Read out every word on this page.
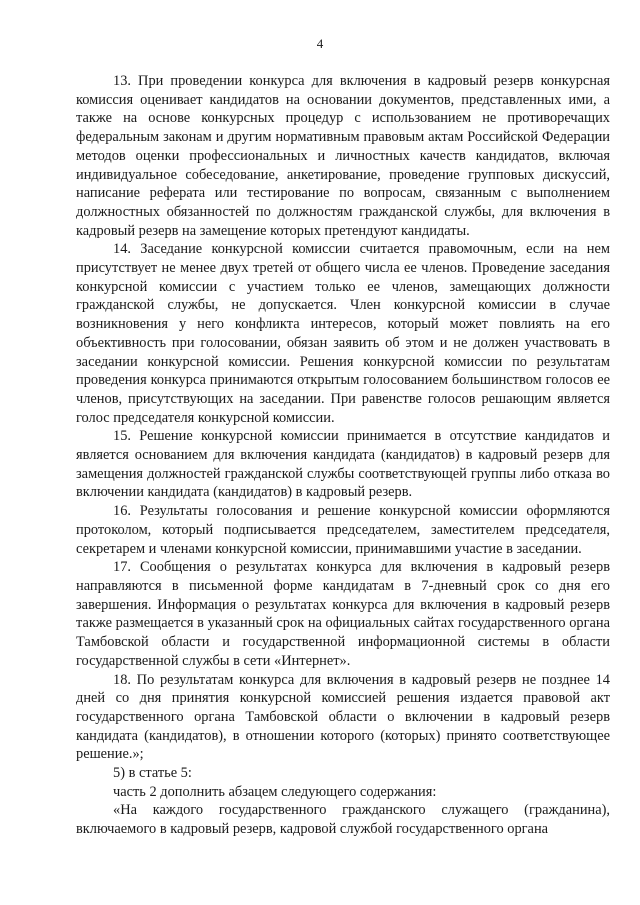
4

13. При проведении конкурса для включения в кадровый резерв конкурсная комиссия оценивает кандидатов на основании документов, представленных ими, а также на основе конкурсных процедур с использованием не противоречащих федеральным законам и другим нормативным правовым актам Российской Федерации методов оценки профессиональных и личностных качеств кандидатов, включая индивидуальное собеседование, анкетирование, проведение групповых дискуссий, написание реферата или тестирование по вопросам, связанным с выполнением должностных обязанностей по должностям гражданской службы, для включения в кадровый резерв на замещение которых претендуют кандидаты.

14. Заседание конкурсной комиссии считается правомочным, если на нем присутствует не менее двух третей от общего числа ее членов. Проведение заседания конкурсной комиссии с участием только ее членов, замещающих должности гражданской службы, не допускается. Член конкурсной комиссии в случае возникновения у него конфликта интересов, который может повлиять на его объективность при голосовании, обязан заявить об этом и не должен участвовать в заседании конкурсной комиссии. Решения конкурсной комиссии по результатам проведения конкурса принимаются открытым голосованием большинством голосов ее членов, присутствующих на заседании. При равенстве голосов решающим является голос председателя конкурсной комиссии.

15. Решение конкурсной комиссии принимается в отсутствие кандидатов и является основанием для включения кандидата (кандидатов) в кадровый резерв для замещения должностей гражданской службы соответствующей группы либо отказа во включении кандидата (кандидатов) в кадровый резерв.

16. Результаты голосования и решение конкурсной комиссии оформляются протоколом, который подписывается председателем, заместителем председателя, секретарем и членами конкурсной комиссии, принимавшими участие в заседании.

17. Сообщения о результатах конкурса для включения в кадровый резерв направляются в письменной форме кандидатам в 7-дневный срок со дня его завершения. Информация о результатах конкурса для включения в кадровый резерв также размещается в указанный срок на официальных сайтах государственного органа Тамбовской области и государственной информационной системы в области государственной службы в сети «Интернет».

18. По результатам конкурса для включения в кадровый резерв не позднее 14 дней со дня принятия конкурсной комиссией решения издается правовой акт государственного органа Тамбовской области о включении в кадровый резерв кандидата (кандидатов), в отношении которого (которых) принято соответствующее решение.»;

5) в статье 5:

часть 2 дополнить абзацем следующего содержания:

«На каждого государственного гражданского служащего (гражданина), включаемого в кадровый резерв, кадровой службой государственного органа
